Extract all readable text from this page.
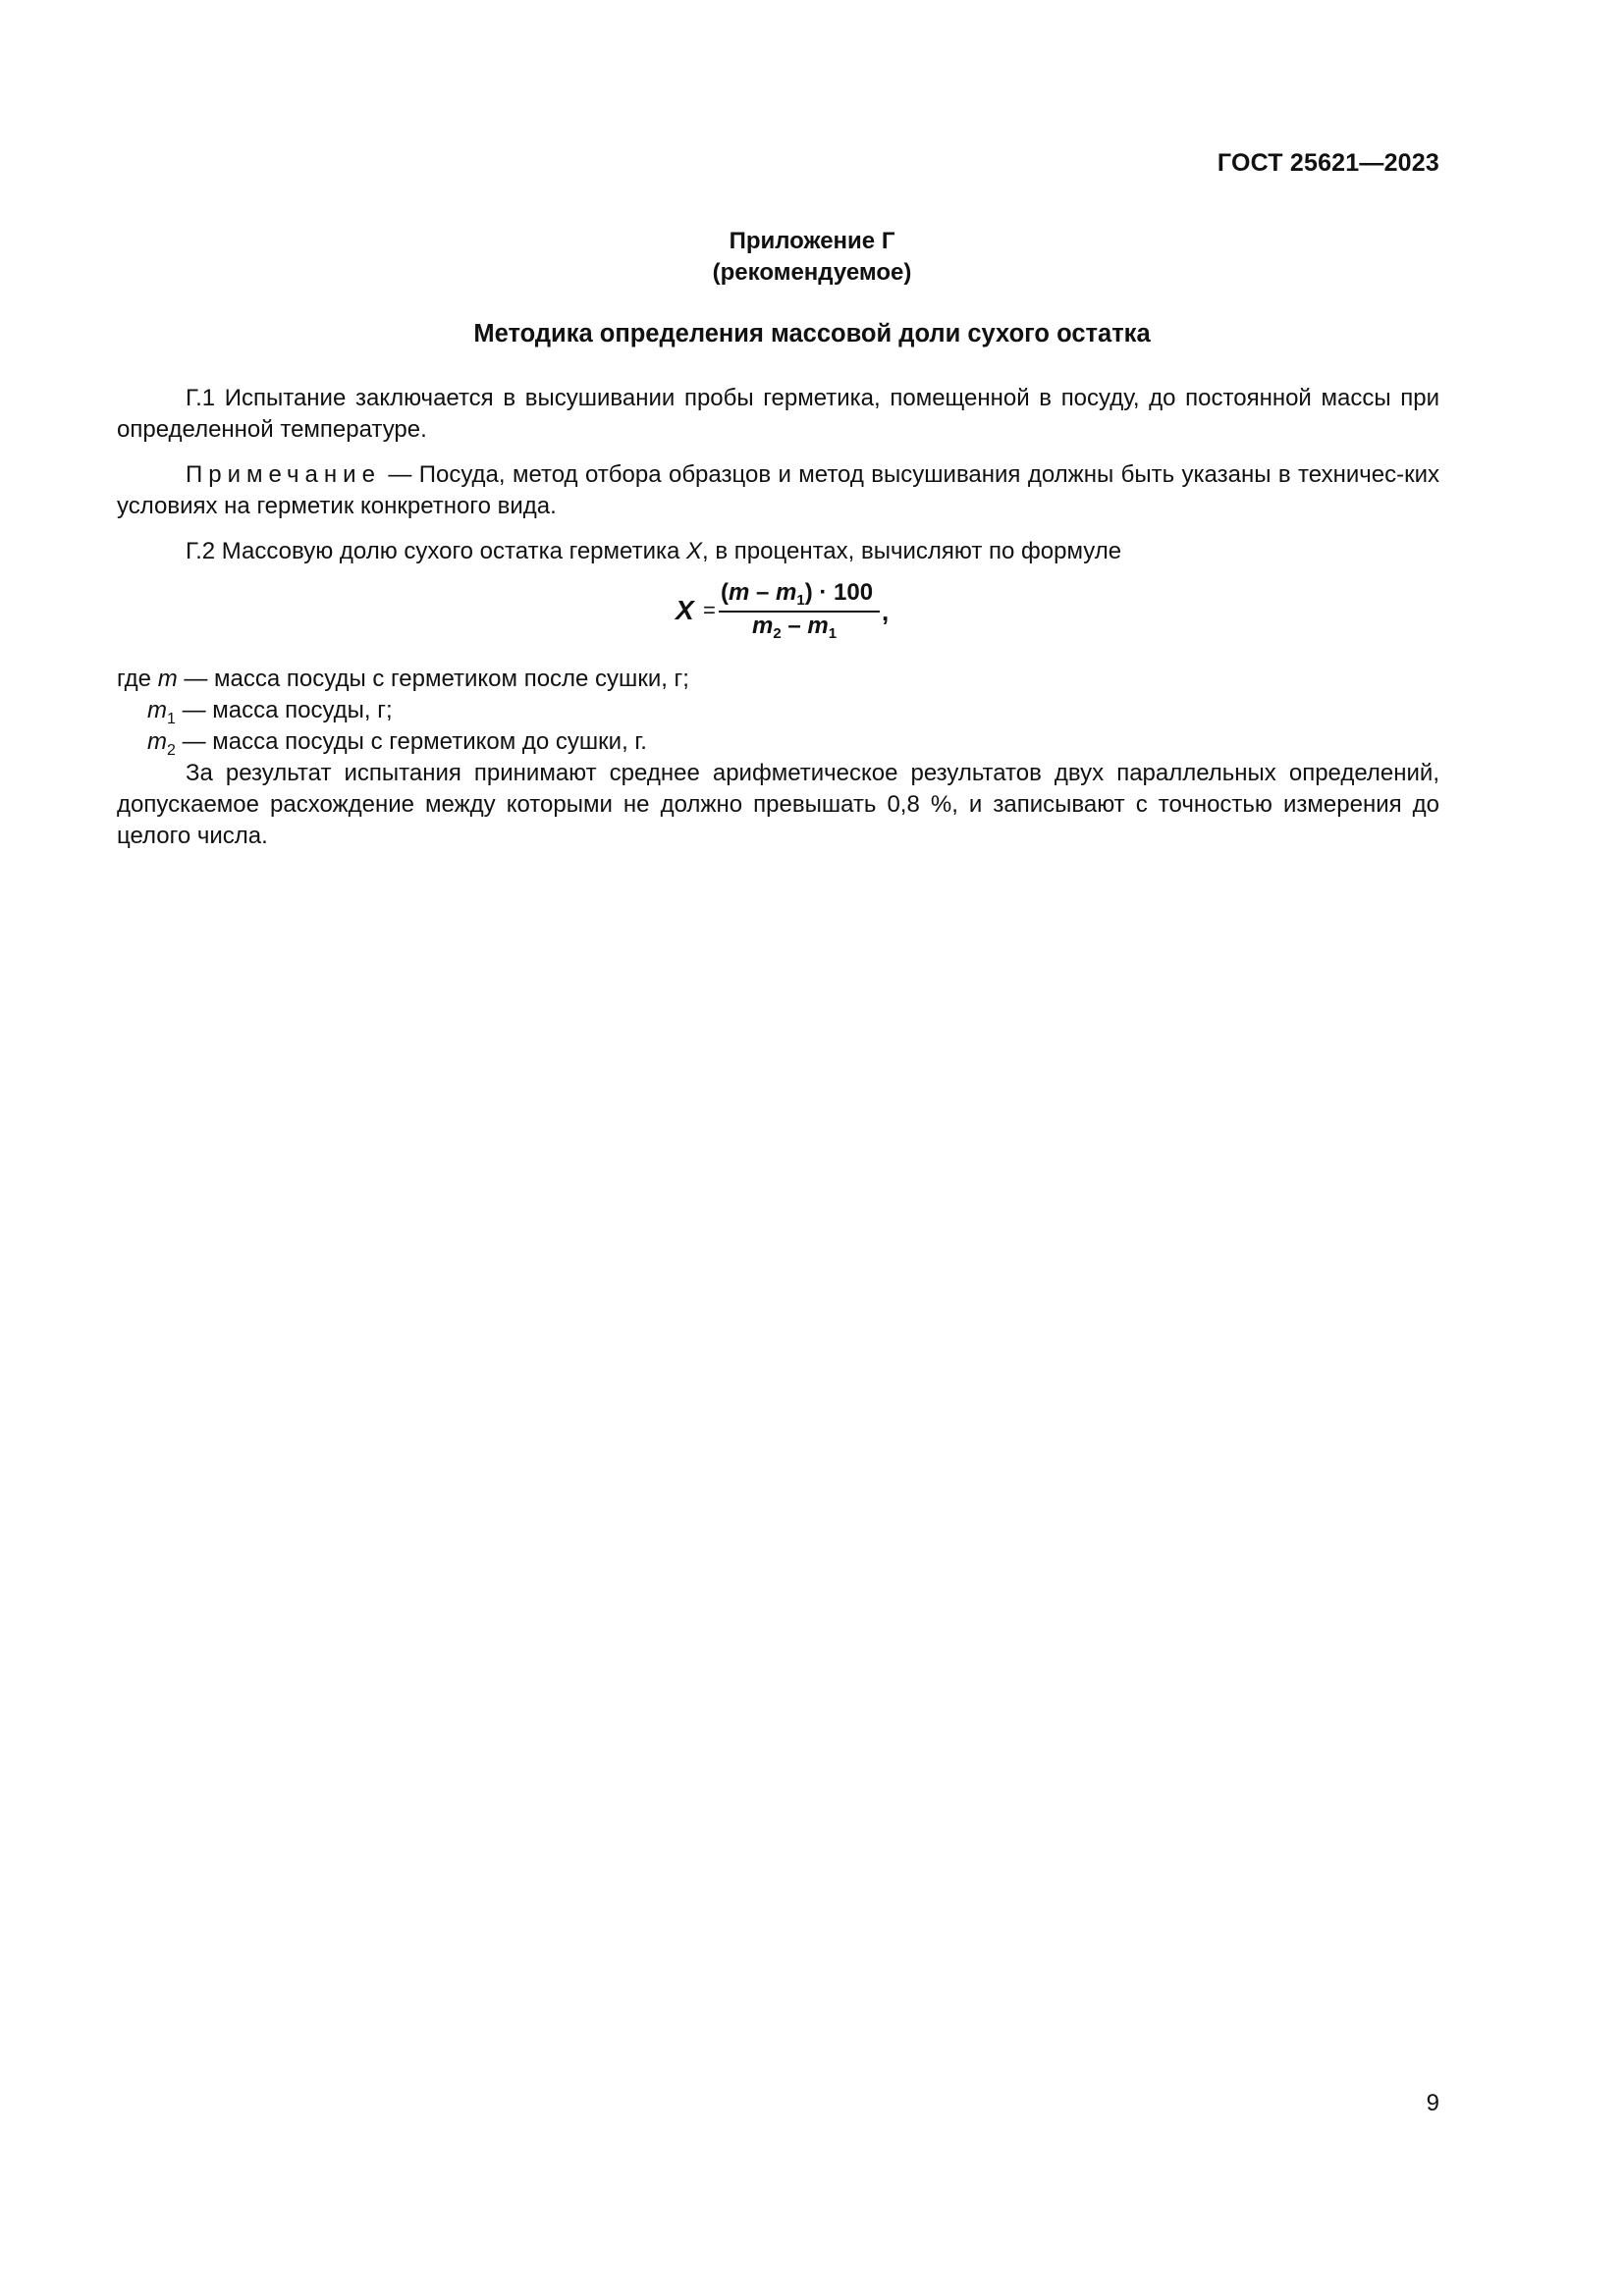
ГОСТ 25621—2023
Приложение Г
(рекомендуемое)
Методика определения массовой доли сухого остатка

Г.1 Испытание заключается в высушивании пробы герметика, помещенной в посуду, до постоянной массы при определенной температуре.

Примечание — Посуда, метод отбора образцов и метод высушивания должны быть указаны в техничес-ких условиях на герметик конкретного вида.

Г.2 Массовую долю сухого остатка герметика X, в процентах, вычисляют по формуле

X =
$(m - m_1) \cdot 100$
$m_2 - m_1$
,
где m — масса посуды с герметиком после сушки, г;
$m_1$ — масса посуды, г;
$m_2$ — масса посуды с герметиком до сушки, г.

За результат испытания принимают среднее арифметическое результатов двух параллельных определений, допускаемое расхождение между которыми не должно превышать 0,8 %, и записывают с точностью измерения до целого числа.

9
